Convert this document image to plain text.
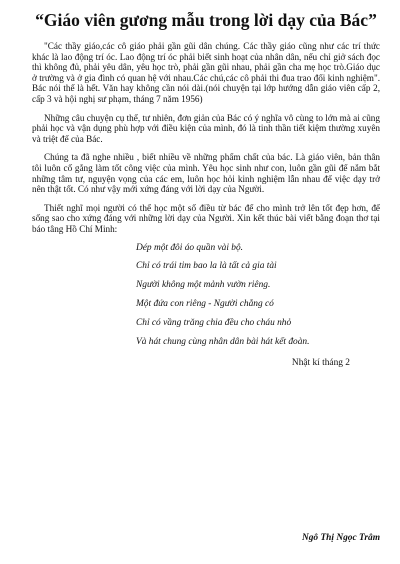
“Giáo viên gương mẫu trong lời dạy của Bác”

"Các thầy giáo,các cô giáo phải gần gũi dân chúng. Các thầy giáo cũng như các trí thức khác là lao động trí óc. Lao động trí óc phải biết sinh hoạt của nhân dân, nếu chỉ giở sách đọc thì không đủ, phải yêu dân, yêu học trò, phải gần gũi nhau, phải gần cha mẹ học trò.Giáo dục ở trường và ở gia đình có quan hệ với nhau.Các chú,các cô phải thi đua trao đổi kinh nghiệm". Bác nói thế là hết. Văn hay không cần nói dài.(nói chuyện tại lớp hướng dẫn giáo viên cấp 2, cấp 3 và hội nghị sư phạm, tháng 7 năm 1956)

Những câu chuyện cụ thể, tư nhiên, đơn giản của Bác có ý nghĩa vô cùng to lớn mà ai cũng phải học và vận dụng phù hợp với điều kiện của mình, đó là tinh thần tiết kiệm thường xuyên và triệt để của Bác.

Chúng ta đã nghe nhiều , biết nhiều về những phẩm chất của bác. Là giáo viên, bản thân tôi luôn cố gắng làm tốt công việc của mình. Yêu học sinh như con, luôn gần gũi để nắm bắt những tâm tư, nguyện vọng của các em, luôn học hỏi kinh nghiệm lẫn nhau để việc dạy trở nên thật tốt. Có như vậy mới xứng đáng với lời dạy của Người.

Thiết nghĩ mọi người có thể học một số điều từ bác để cho mình trở lên tốt đẹp hơn, để sống sao cho xứng đáng với những lời dạy của Người. Xin kết thúc bài viết bằng đoạn thơ tại báo tâng Hồ Chí Minh:

Dép một đôi áo quần vài bộ.
Chỉ có trái tim bao la là tất cả gia tài
Người không một mảnh vườn riêng.
Một đứa con riêng - Người chẳng có
Chỉ có vầng trăng chia đều cho cháu nhỏ
Và hát chung cùng nhân dân bài hát kết đoàn.
Nhật kí tháng 2
Ngô Thị Ngọc Trâm
